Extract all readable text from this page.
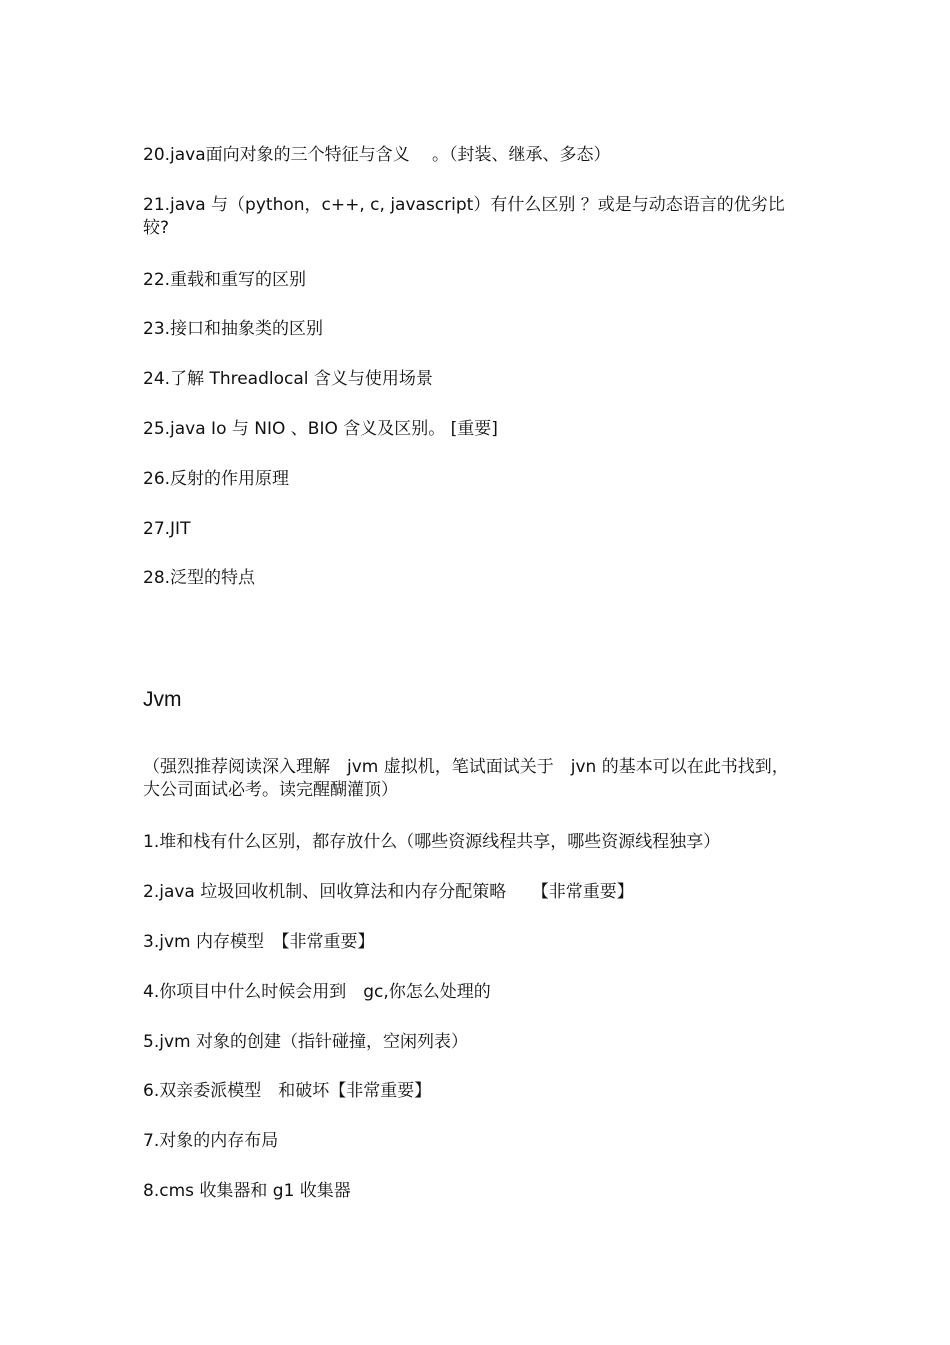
20.java面向对象的三个特征与含义　 。（封装、继承、多态）
21.java 与（python，c++, c, javascript）有什么区别 ？或是与动态语言的优劣比较?
22.重载和重写的区别
23.接口和抽象类的区别
24.了解 Threadlocal 含义与使用场景
25.java Io 与 NIO 、BIO 含义及区别。 [重要]
26.反射的作用原理
27.JIT
28.泛型的特点
Jvm
（强烈推荐阅读深入理解　jvm 虚拟机，笔试面试关于　jvn 的基本可以在此书找到，大公司面试必考。读完醒醐灌顶）
1.堆和栈有什么区别，都存放什么（哪些资源线程共享，哪些资源线程独享）
2.java 垃圾回收机制、回收算法和内存分配策略　　【非常重要】
3.jvm 内存模型　【非常重要】
4.你项目中什么时候会用到　gc,你怎么处理的
5.jvm 对象的创建（指针碰撞，空闲列表）
6.双亲委派模型　和破坏【非常重要】
7.对象的内存布局
8.cms 收集器和 g1 收集器
